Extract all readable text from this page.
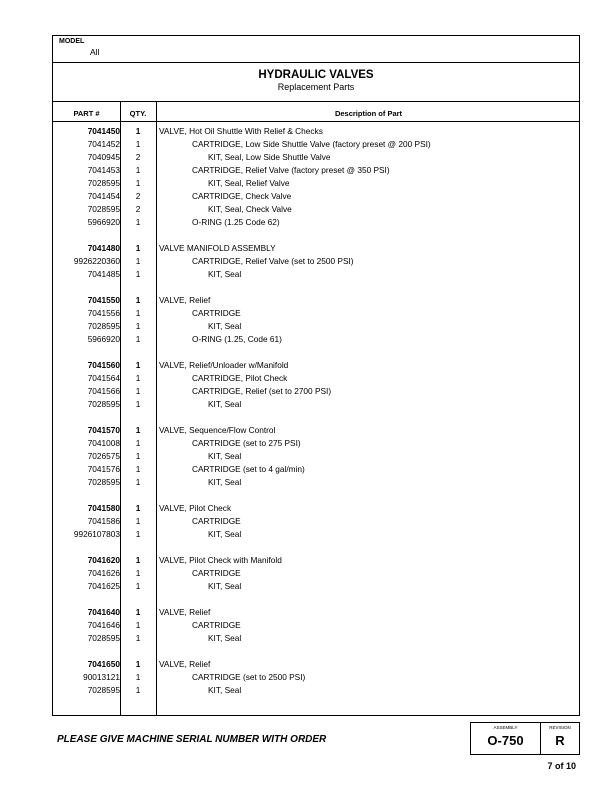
MODEL
All
HYDRAULIC VALVES
Replacement Parts
PART #	QTY.	Description of Part
7041450	1	VALVE, Hot Oil Shuttle With Relief & Checks
7041452	1	CARTRIDGE, Low Side Shuttle Valve (factory preset @ 200 PSI)
7040945	2	KIT, Seal, Low Side Shuttle Valve
7041453	1	CARTRIDGE, Relief Valve (factory preset @ 350 PSI)
7028595	1	KIT, Seal, Relief Valve
7041454	2	CARTRIDGE, Check Valve
7028595	2	KIT, Seal, Check Valve
5966920	1	O-RING (1.25 Code 62)
7041480	1	VALVE MANIFOLD ASSEMBLY
9926220360	1	CARTRIDGE, Relief Valve (set to 2500 PSI)
7041485	1	KIT, Seal
7041550	1	VALVE, Relief
7041556	1	CARTRIDGE
7028595	1	KIT, Seal
5966920	1	O-RING (1.25, Code 61)
7041560	1	VALVE, Relief/Unloader w/Manifold
7041564	1	CARTRIDGE, Pilot Check
7041566	1	CARTRIDGE, Relief (set to 2700 PSI)
7028595	1	KIT, Seal
7041570	1	VALVE, Sequence/Flow Control
7041008	1	CARTRIDGE (set to 275 PSI)
7026575	1	KIT, Seal
7041576	1	CARTRIDGE (set to 4 gal/min)
7028595	1	KIT, Seal
7041580	1	VALVE, Pilot Check
7041586	1	CARTRIDGE
9926107803	1	KIT, Seal
7041620	1	VALVE, Pilot Check with Manifold
7041626	1	CARTRIDGE
7041625	1	KIT, Seal
7041640	1	VALVE, Relief
7041646	1	CARTRIDGE
7028595	1	KIT, Seal
7041650	1	VALVE, Relief
90013121	1	CARTRIDGE (set to 2500 PSI)
7028595	1	KIT, Seal
PLEASE GIVE MACHINE SERIAL NUMBER WITH ORDER
ASSEMBLY
O-750
REVISION
R
7 of 10
